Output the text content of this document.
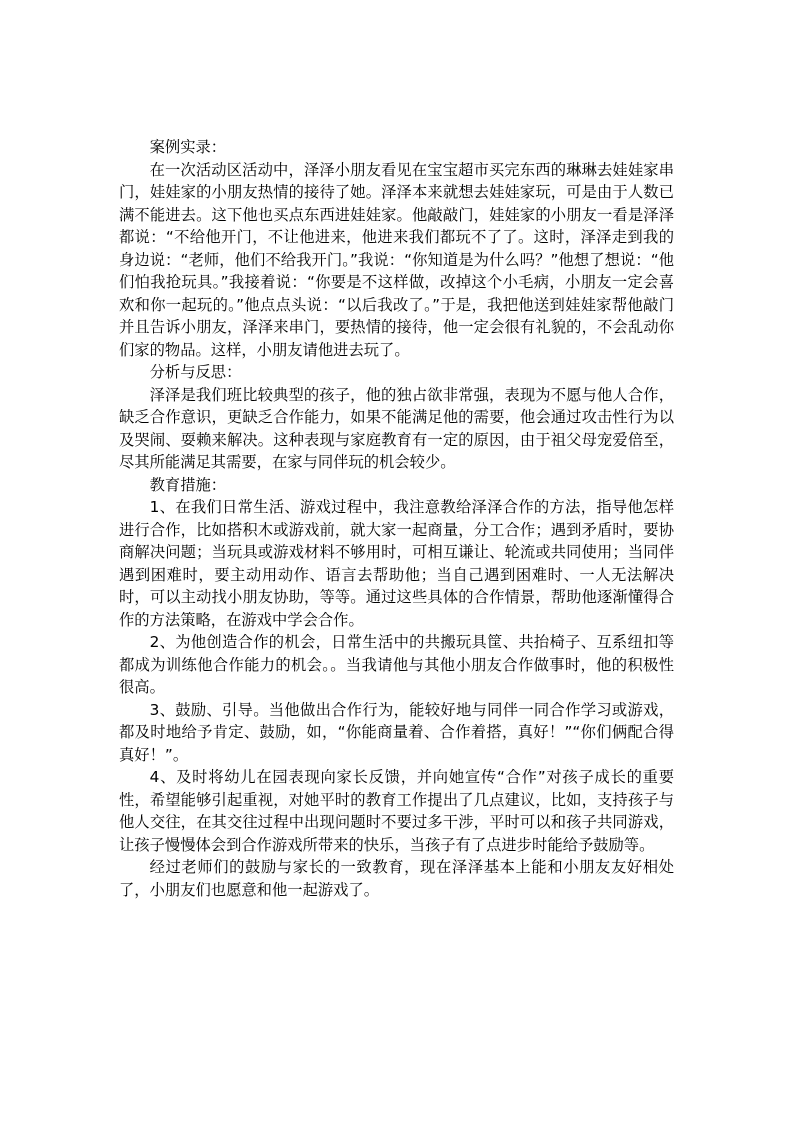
案例实录：

在一次活动区活动中，泽泽小朋友看见在宝宝超市买完东西的琳琳去娃娃家串门，娃娃家的小朋友热情的接待了她。泽泽本来就想去娃娃家玩，可是由于人数已满不能进去。这下他也买点东西进娃娃家。他敲敲门，娃娃家的小朋友一看是泽泽都说：“不给他开门，不让他进来，他进来我们都玩不了了。这时，泽泽走到我的身边说：“老师，他们不给我开门。”我说：“你知道是为什么吗？”他想了想说：“他们怕我抢玩具。”我接着说：“你要是不这样做，改掉这个小毛病，小朋友一定会喜欢和你一起玩的。”他点点头说：“以后我改了。”于是，我把他送到娃娃家帮他敲门并且告诉小朋友，泽泽来串门，要热情的接待，他一定会很有礼貌的，不会乱动你们家的物品。这样，小朋友请他进去玩了。

分析与反思：

泽泽是我们班比较典型的孩子，他的独占欲非常强，表现为不愿与他人合作，缺乏合作意识，更缺乏合作能力，如果不能满足他的需要，他会通过攻击性行为以及哭闹、耍赖来解决。这种表现与家庭教育有一定的原因，由于祖父母宠爱倍至，尽其所能满足其需要，在家与同伴玩的机会较少。

教育措施：

1、在我们日常生活、游戏过程中，我注意教给泽泽合作的方法，指导他怎样进行合作，比如搭积木或游戏前，就大家一起商量，分工合作；遇到矛盾时，要协商解决问题；当玩具或游戏材料不够用时，可相互谦让、轮流或共同使用；当同伴遇到困难时，要主动用动作、语言去帮助他；当自己遇到困难时、一人无法解决时，可以主动找小朋友协助，等等。通过这些具体的合作情景，帮助他逐渐懂得合作的方法策略，在游戏中学会合作。

2、为他创造合作的机会，日常生活中的共搬玩具筐、共抬椅子、互系纽扣等都成为训练他合作能力的机会。。当我请他与其他小朋友合作做事时，他的积极性很高。

3、鼓励、引导。当他做出合作行为，能较好地与同伴一同合作学习或游戏，都及时地给予肯定、鼓励，如，“你能商量着、合作着搭，真好！”“你们俩配合得真好！”。

4、及时将幼儿在园表现向家长反馈，并向她宣传“合作”对孩子成长的重要性，希望能够引起重视，对她平时的教育工作提出了几点建议，比如，支持孩子与他人交往，在其交往过程中出现问题时不要过多干涉，平时可以和孩子共同游戏，让孩子慢慢体会到合作游戏所带来的快乐，当孩子有了点进步时能给予鼓励等。

经过老师们的鼓励与家长的一致教育，现在泽泽基本上能和小朋友友好相处了，小朋友们也愿意和他一起游戏了。
